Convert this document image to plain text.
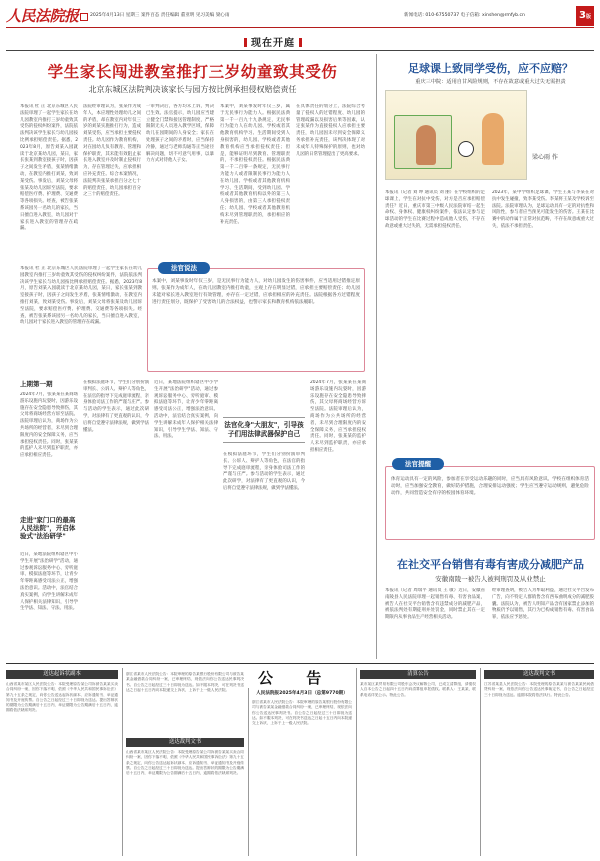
人民法院报	2025年4月13日 星期三 案件百态 责任编辑 董亚明 见习美编 梁心雨	新闻电话: 010-67550737 电子信箱: xinshen@rmfyb.cn	3版
现在开庭
学生家长闯进教室推打三岁幼童致其受伤
北京东城区法院判决该家长与园方按比例承担侵权赔偿责任
本报讯 杜 正 北京东城区人民法院审理了一起学生家长在幼儿园教室内推打三岁幼童致其受伤的侵权纠纷案件，法院依法判决该学生家长与幼儿园按比例承担赔偿责任。据悉，2023年8月，原告刘某入园就读于北京某幼儿园，某日，家长张某到教室接孩子时，因孩子之间发生矛盾，张某情绪激动，在教室内推打刘某，致刘某受伤。事发后，刘某父母将张某及幼儿园诉至法院，要求赔偿医疗费、护理费、交通费等各项损失。经查，被告张某系该园另一名幼儿的家长，当日擅自进入教室，幼儿园对于家长进入教室的管理存在疏漏。
法院经审理认为，张某作为成年人，本应理性处理幼儿之间的矛盾，却在教室内对年仅三岁的刘某实施推打行为，造成刘某受伤，应当承担主要侵权责任。幼儿园作为教育机构，对在园幼儿负有教育、管理和保护职责，其未能有效阻止家长进入教室并及时制止侵权行为，存在管理过失，应承担相应补充责任。综合本案情况，法院判决张某承担百分之七十的赔偿责任，幼儿园承担百分之三十的赔偿责任。
一审判决后，各方均未上诉，判决已生效。法官提示，幼儿园应当建立健全门禁和接送管理制度，严格限制无关人员进入教学区域，保障幼儿在园期间的人身安全；家长在处理孩子之间的矛盾时，应当保持冷静，通过与老师沟通等正当途径解决问题，切不可意气用事，以暴力方式对待他人子女。
本案中，刘某事发时年仅三岁，属于无民事行为能力人。根据民法典第一千一百九十九条规定，无民事行为能力人在幼儿园、学校或者其他教育机构学习、生活期间受到人身损害的，幼儿园、学校或者其他教育机构应当承担侵权责任；但是，能够证明尽到教育、管理职责的，不承担侵权责任。根据民法典第一千二百零一条规定，无民事行为能力人或者限制民事行为能力人在幼儿园、学校或者其他教育机构学习、生活期间，受到幼儿园、学校或者其他教育机构以外的第三人人身损害的，由第三人承担侵权责任；幼儿园、学校或者其他教育机构未尽到管理职责的，承担相应的补充责任。
在具体责任的划分上，法院综合考量了侵权人的过错程度、幼儿园的管理疏漏以及损害后果等因素，认定张某作为直接侵权人应承担主要责任，幼儿园因未尽到安全保障义务承担补充责任，该判决体现了对未成年人特殊保护的原则，也对幼儿园的日常管理提出了更高要求。
法官说法
本案中，刘某事发时年仅三岁，是无民事行为能力人，对幼儿园发生的伤害事件，应当适用过错推定原则。张某作为成年人，在幼儿园教室内推打幼童，主观上存在明显过错，应承担主要赔偿责任；幼儿园未能对家长进入教室进行有效管理，亦存在一定过错，应承担相应的补充责任。法院根据各方过错程度进行责任划分，既保护了受害幼儿的合法权益，也警示家长和教育机构依法履职。
本报讯 杜 正 北京东城区人民法院审理了一起学生家长在幼儿园教室内推打三岁幼童致其受伤的侵权纠纷案件，法院依法判决该学生家长与幼儿园按比例承担赔偿责任。据悉，2023年8月，原告刘某入园就读于北京某幼儿园，某日，家长张某到教室接孩子时，因孩子之间发生矛盾，张某情绪激动，在教室内推打刘某，致刘某受伤。事发后，刘某父母将张某及幼儿园诉至法院，要求赔偿医疗费、护理费、交通费等各项损失。经查，被告张某系该园另一名幼儿的家长，当日擅自进入教室，幼儿园对于家长进入教室的管理存在疏漏。
上期第一期
2024年7月，张某某在某商场游乐设施内玩耍时，因游乐设施存在安全隐患导致摔伤，其父母将商场经营方诉至法院。法院审理后认为，商场作为公共场所的经营者，未尽到合理限度内的安全保障义务，应当承担侵权责任。同时，张某某的监护人未尽到监护职责，亦应承担相应责任。
走进"家门口的最高人民法院"，开启体验式"法治研学"
近日，某地法院组织辖区中小学生开展"法治研学"活动，通过参观诉讼服务中心、旁听庭审、模拟法庭等环节，让青少年零距离感受司法公正，增强法治意识。活动中，法官结合真实案例，向学生讲解未成年人保护相关法律知识，引导学生学法、知法、守法、用法。
在模拟法庭环节，学生们分别扮演审判长、公诉人、辩护人等角色，在法官的指导下完成庭审流程，亲身体验司法工作的严谨与庄严。参与活动的学生表示，通过此次研学，对法律有了更直观的认识，今后将自觉遵守法律法规，做到学法懂法。
近日，某地法院组织辖区中小学生开展"法治研学"活动，通过参观诉讼服务中心、旁听庭审、模拟法庭等环节，让青少年零距离感受司法公正，增强法治意识。活动中，法官结合真实案例，向学生讲解未成年人保护相关法律知识，引导学生学法、知法、守法、用法。
法官化身"大朋友"，引导孩子们用法律武器保护自己
在模拟法庭环节，学生们分别扮演审判长、公诉人、辩护人等角色，在法官的指导下完成庭审流程，亲身体验司法工作的严谨与庄严。参与活动的学生表示，通过此次研学，对法律有了更直观的认识，今后将自觉遵守法律法规，做到学法懂法。
2024年7月，张某某在某商场游乐设施内玩耍时，因游乐设施存在安全隐患导致摔伤，其父母将商场经营方诉至法院。法院审理后认为，商场作为公共场所的经营者，未尽到合理限度内的安全保障义务，应当承担侵权责任。同时，张某某的监护人未尽到监护职责，亦应承担相应责任。
足球课上致同学受伤，应不应赔？
重庆三中院：适用自甘风险规则，不存在故意或重大过失无需担责
梁心雨 作
本报讯（记者 刘 坤 通讯员 刘 丽）在学校组织的足球课上，学生在对抗中受伤，对方是否应承担赔偿责任？近日，重庆市第三中级人民法院审结一起生命权、身体权、健康权纠纷案件，依法认定参与足球活动的学生在比赛过程中造成他人受伤，不存在故意或重大过失的，无需承担侵权责任。
2023年，某中学组织足球课，学生王某与李某在对抗中发生碰撞，致李某受伤。李某将王某及学校诉至法院。法院审理认为，足球运动具有一定的对抗性和风险性，参与者应当预见可能发生的伤害。王某在比赛中的动作属于正常对抗范畴，不存在故意或重大过失，依法不承担责任。
法官提醒
体育运动具有一定的风险，参加者在享受运动乐趣的同时，应当具有风险意识。学校在组织体育活动时，应当加强安全教育，做好防护措施，合理安排运动强度；学生应当遵守运动规则，避免危险动作，共同营造安全有序的校园体育环境。
在社交平台销售有毒有害成分减肥产品
安徽南陵一被告人被判刑罚及从业禁止
本报讯（记者 周瑞平 通讯员 王 敏）近日，安徽省南陵县人民法院审理一起销售有毒、有害食品案，被告人在社交平台销售含有违禁成分的减肥产品，被依法判处有期徒刑并处罚金，同时禁止其在一定期限内从事食品生产经营相关活动。
经审理查明，被告人为牟取利益，通过社交平台发布广告，向不特定人群销售含有西布曲明成分的减肥胶囊。法院认为，被告人明知产品含有国家禁止添加的物质仍予以销售，其行为已构成销售有毒、有害食品罪，依法应予惩处。
公 告
送达起诉状副本
山西省某市某区人民法院公告：本院受理原告某公司诉被告某某买卖合同纠纷一案，因你下落不明，依照《中华人民共和国民事诉讼法》第九十五条之规定，向你公告送达起诉状副本、应诉通知书、举证通知书及开庭传票。自公告之日起经过三十日即视为送达。提出答辩状的期限为公告期满后十五日内，举证期限为公告期满后十五日内，逾期将依法缺席判决。
浙江省某市人民法院公告：本院审理的原告某银行股份有限公司与被告某某金融借款合同纠纷一案，已审理终结，现依法向你公告送达民事判决书。自公告之日起经过三十日即视为送达。如不服本判决，可在判决书送达之日起十五日内向本院递交上诉状，上诉于上一级人民法院。
送达裁判文书
山西省某市某区人民法院公告：本院受理原告某公司诉被告某某买卖合同纠纷一案，因你下落不明，依照《中华人民共和国民事诉讼法》第九十五条之规定，向你公告送达起诉状副本、应诉通知书、举证通知书及开庭传票。自公告之日起经过三十日即视为送达。提出答辩状的期限为公告期满后十五日内，举证期限为公告期满后十五日内，逾期将依法缺席判决。
人民法院报2025年4月3日（总第9770期）
浙江省某市人民法院公告：本院审理的原告某银行股份有限公司与被告某某金融借款合同纠纷一案，已审理终结，现依法向你公告送达民事判决书。自公告之日起经过三十日即视为送达。如不服本判决，可在判决书送达之日起十五日内向本院递交上诉状，上诉于上一级人民法院。
清算公告
某市某区某贸易有限公司股东会决议解散公司，已成立清算组，请债权人自本公告之日起四十五日内向清算组申报债权。联系人：王某某，联系电话详见公示。特此公告。
送达裁判文书
江苏省某县人民法院公告：本院受理的原告某某与被告某某民间借贷纠纷一案，现依法向你公告送达民事裁定书，自公告之日起经过三十日即视为送达。逾期本院将依法执行。特此公告。
